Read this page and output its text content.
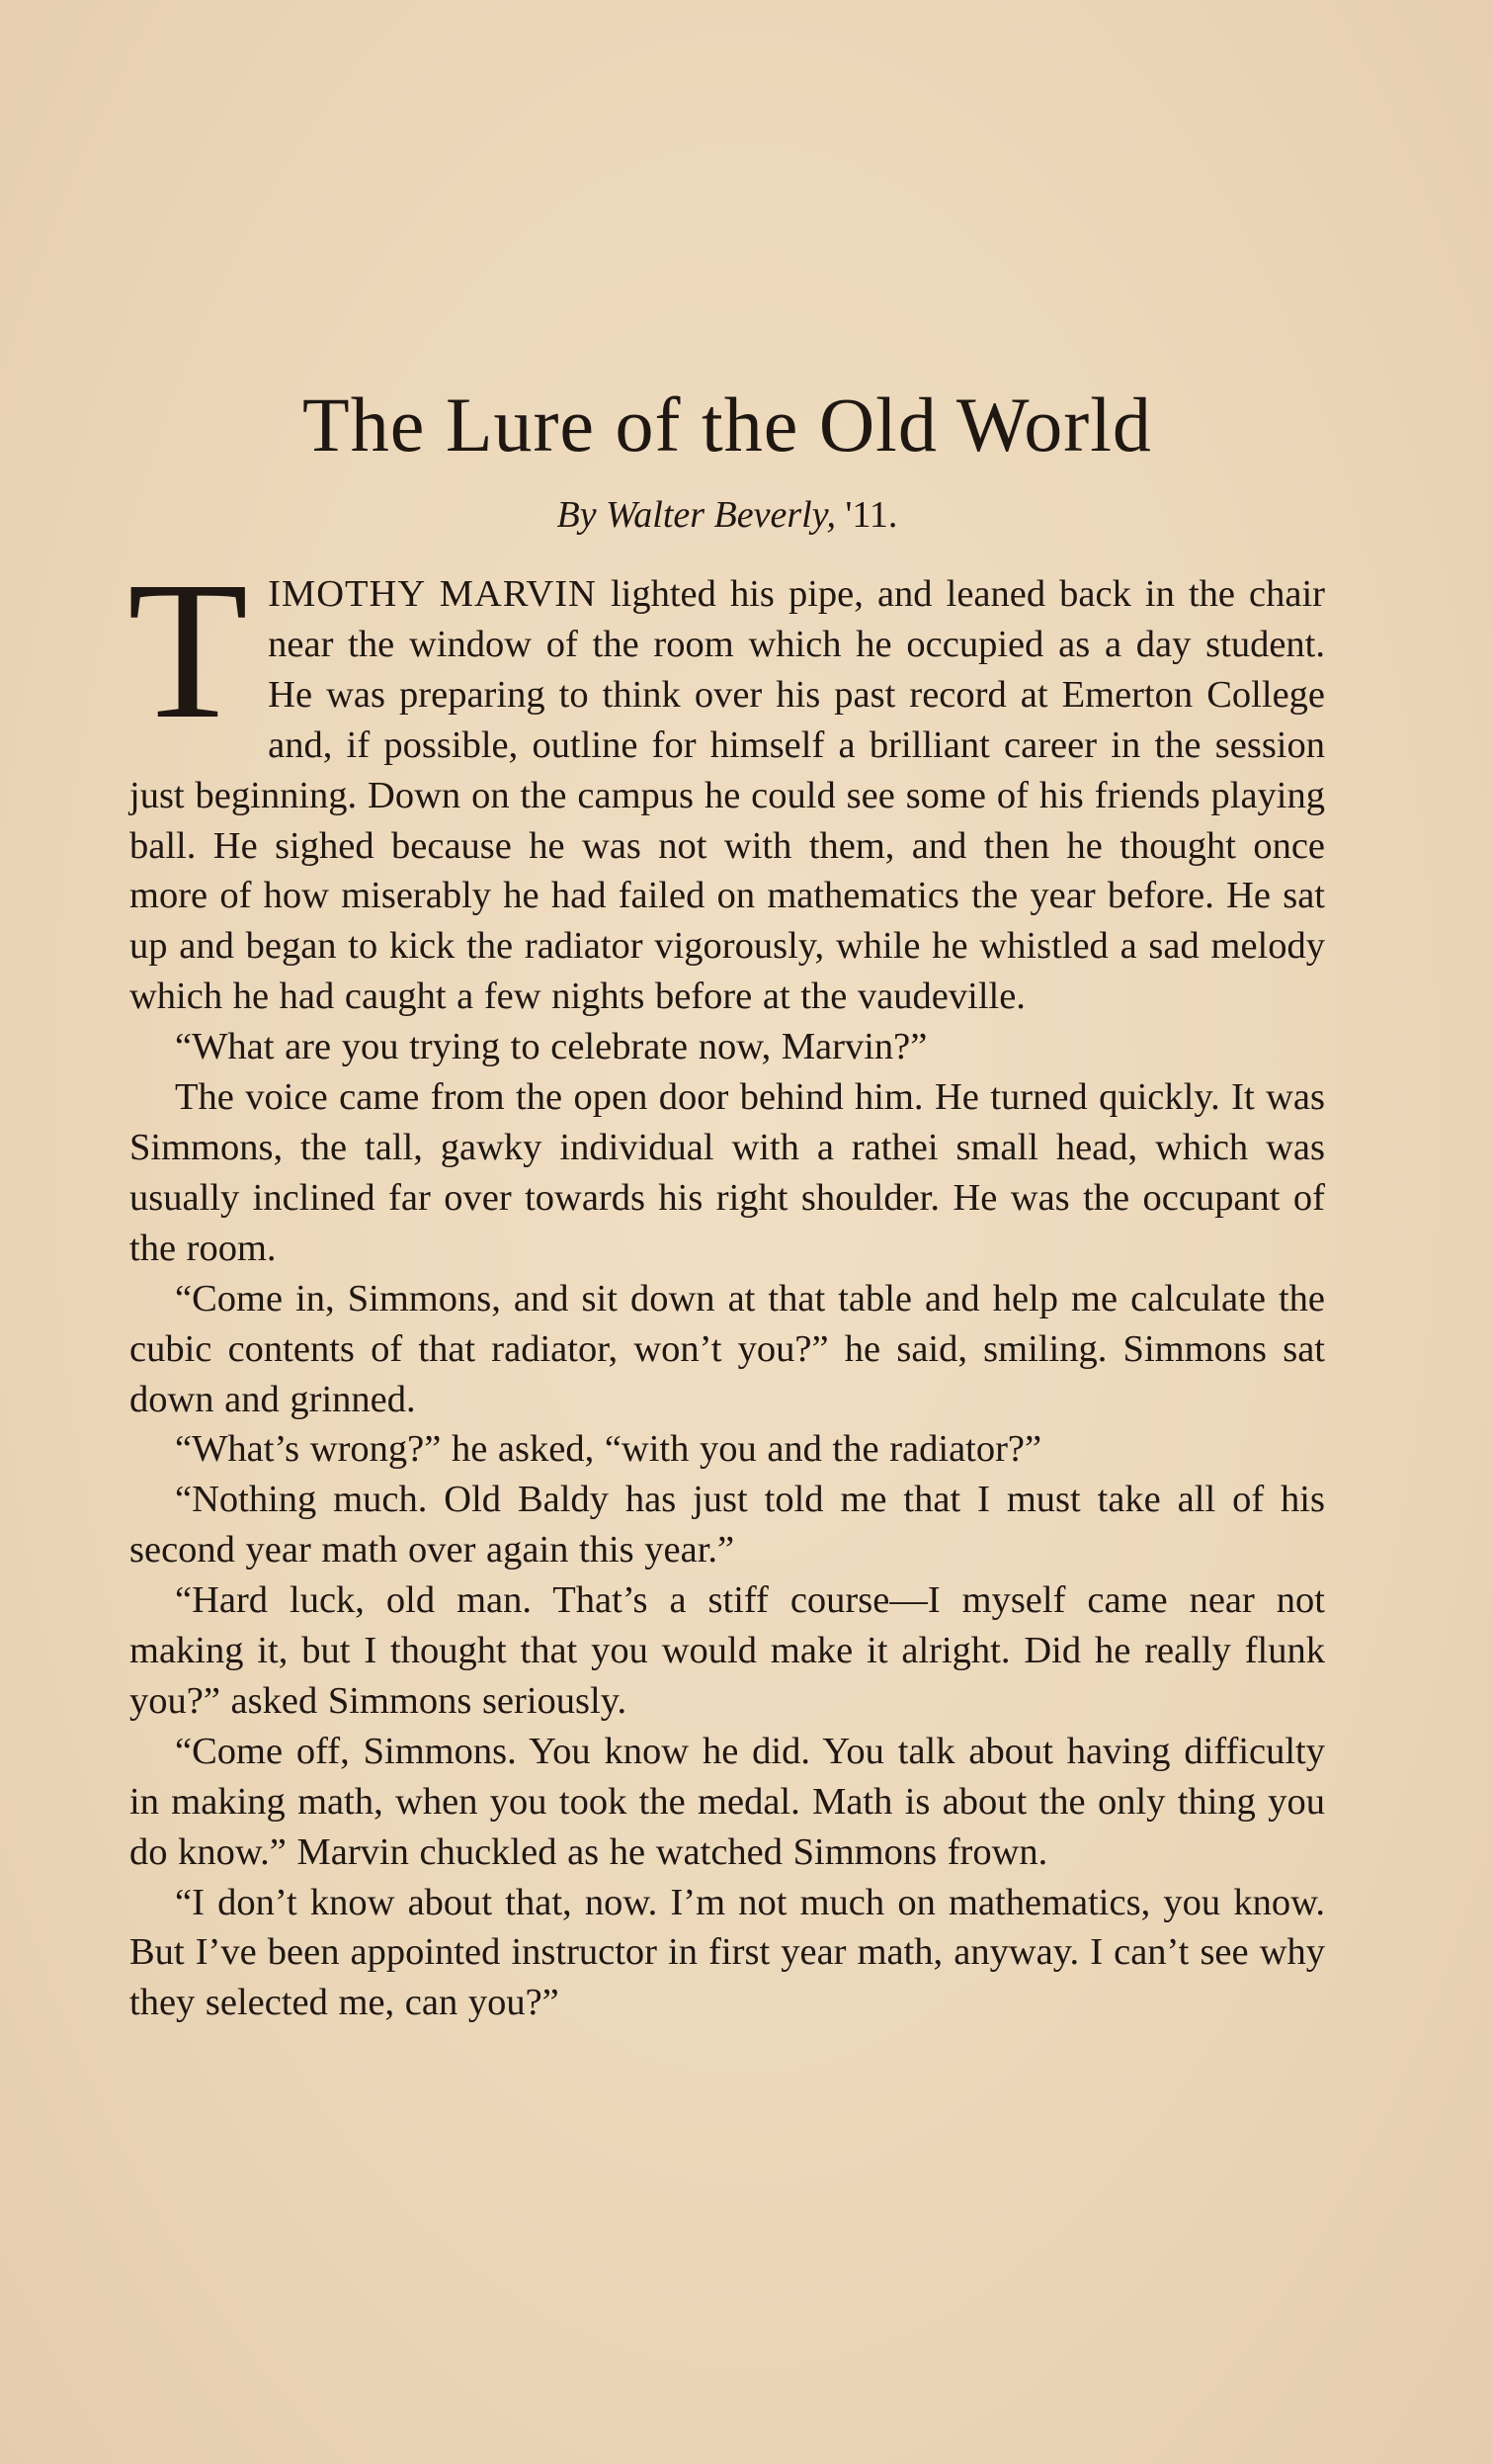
The Lure of the Old World
By Walter Beverly, '11.

TIMOTHY MARVIN lighted his pipe, and leaned back in the chair near the window of the room which he occupied as a day student. He was preparing to think over his past record at Emerton College and, if possible, outline for himself a brilliant career in the session just beginning. Down on the campus he could see some of his friends playing ball. He sighed because he was not with them, and then he thought once more of how miserably he had failed on mathematics the year before. He sat up and began to kick the radiator vigorously, while he whistled a sad melody which he had caught a few nights before at the vaudeville.

“What are you trying to celebrate now, Marvin?”

The voice came from the open door behind him. He turned quickly. It was Simmons, the tall, gawky individual with a rathei small head, which was usually inclined far over towards his right shoulder. He was the occupant of the room.

“Come in, Simmons, and sit down at that table and help me calculate the cubic contents of that radiator, won’t you?” he said, smiling. Simmons sat down and grinned.

“What’s wrong?” he asked, “with you and the radiator?”

“Nothing much. Old Baldy has just told me that I must take all of his second year math over again this year.”

“Hard luck, old man. That’s a stiff course—I myself came near not making it, but I thought that you would make it alright. Did he really flunk you?” asked Simmons seriously.

“Come off, Simmons. You know he did. You talk about having difficulty in making math, when you took the medal. Math is about the only thing you do know.” Marvin chuckled as he watched Simmons frown.

“I don’t know about that, now. I’m not much on mathematics, you know. But I’ve been appointed instructor in first year math, anyway. I can’t see why they selected me, can you?”
